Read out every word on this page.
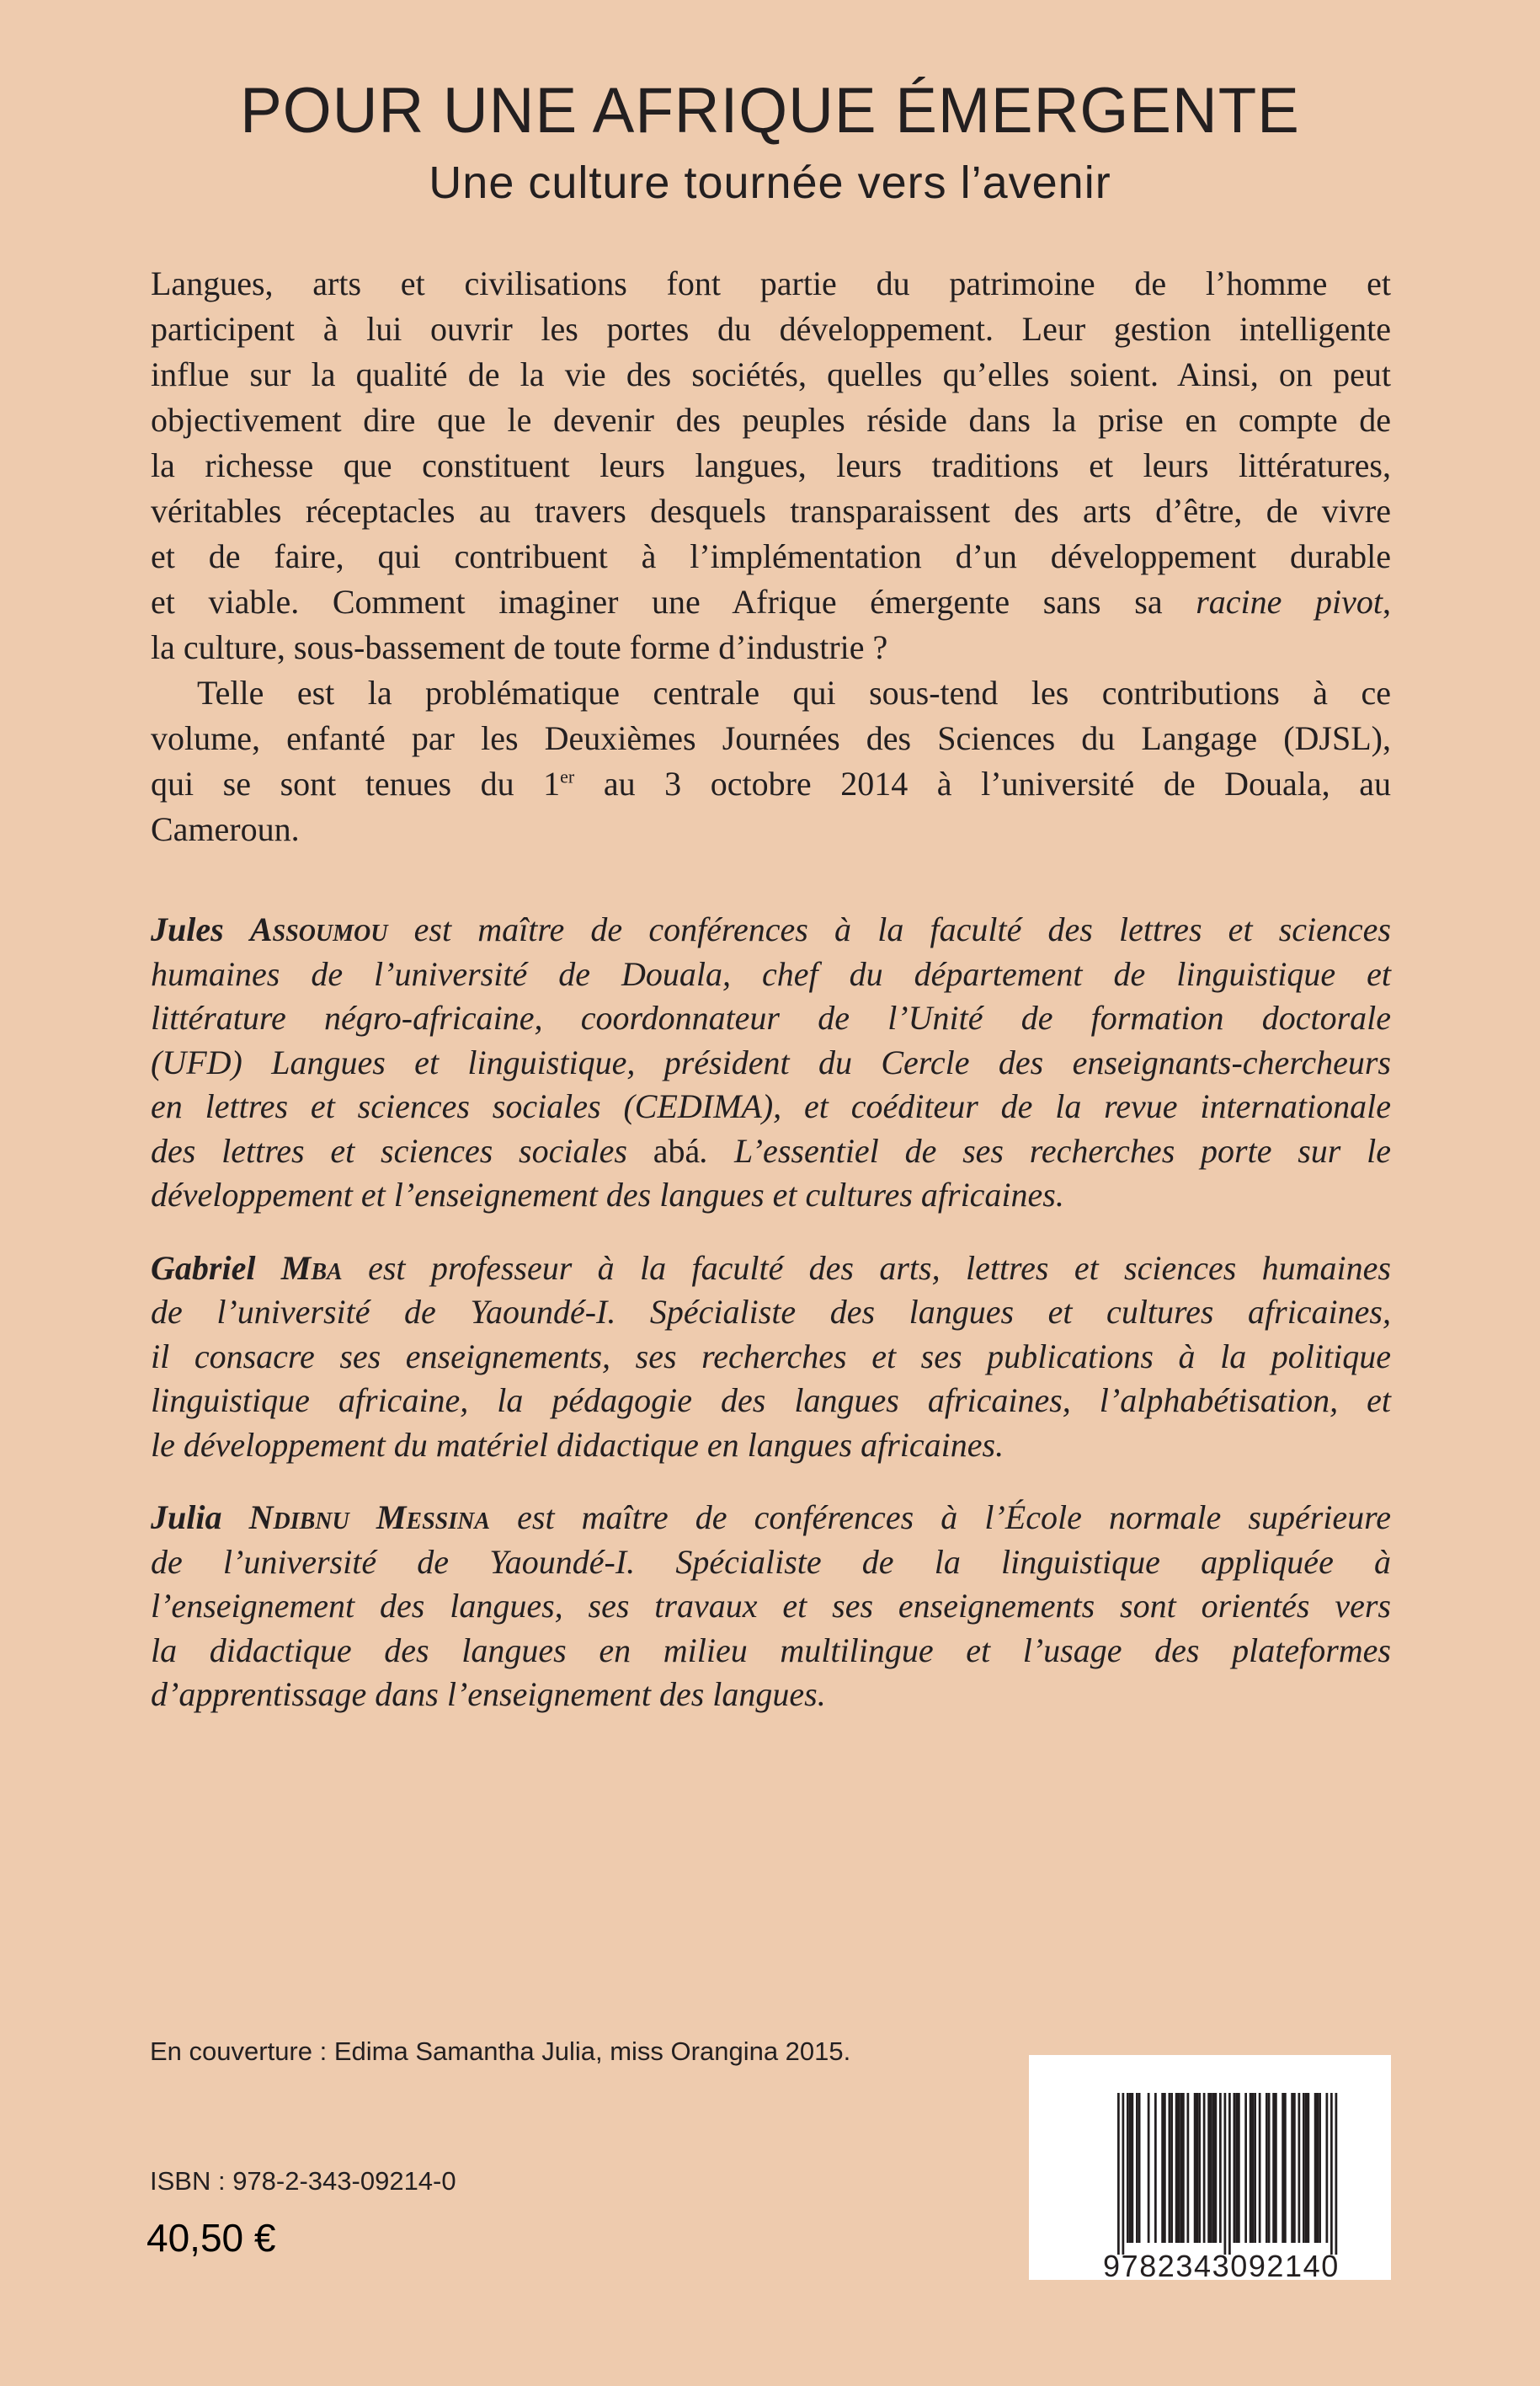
POUR UNE AFRIQUE ÉMERGENTE
Une culture tournée vers l’avenir
Langues, arts et civilisations font partie du patrimoine de l’homme et
participent à lui ouvrir les portes du développement. Leur gestion intelligente
influe sur la qualité de la vie des sociétés, quelles qu’elles soient. Ainsi, on peut
objectivement dire que le devenir des peuples réside dans la prise en compte de
la richesse que constituent leurs langues, leurs traditions et leurs littératures,
véritables réceptacles au travers desquels transparaissent des arts d’être, de vivre
et de faire, qui contribuent à l’implémentation d’un développement durable
et viable. Comment imaginer une Afrique émergente sans sa racine pivot,
la culture, sous-bassement de toute forme d’industrie ?
Telle est la problématique centrale qui sous-tend les contributions à ce
volume, enfanté par les Deuxièmes Journées des Sciences du Langage (DJSL),
qui se sont tenues du 1er au 3 octobre 2014 à l’université de Douala, au
Cameroun.
Jules Assoumou est maître de conférences à la faculté des lettres et sciences
humaines de l’université de Douala, chef du département de linguistique et
littérature négro-africaine, coordonnateur de l’Unité de formation doctorale
(UFD) Langues et linguistique, président du Cercle des enseignants-chercheurs
en lettres et sciences sociales (CEDIMA), et coéditeur de la revue internationale
des lettres et sciences sociales abá. L’essentiel de ses recherches porte sur le
développement et l’enseignement des langues et cultures africaines.
Gabriel Mba est professeur à la faculté des arts, lettres et sciences humaines
de l’université de Yaoundé-I. Spécialiste des langues et cultures africaines,
il consacre ses enseignements, ses recherches et ses publications à la politique
linguistique africaine, la pédagogie des langues africaines, l’alphabétisation, et
le développement du matériel didactique en langues africaines.
Julia Ndibnu Messina est maître de conférences à l’École normale supérieure
de l’université de Yaoundé-I. Spécialiste de la linguistique appliquée à
l’enseignement des langues, ses travaux et ses enseignements sont orientés vers
la didactique des langues en milieu multilingue et l’usage des plateformes
d’apprentissage dans l’enseignement des langues.
En couverture : Edima Samantha Julia, miss Orangina 2015.
ISBN : 978-2-343-09214-0
40,50 €
9782343092140
